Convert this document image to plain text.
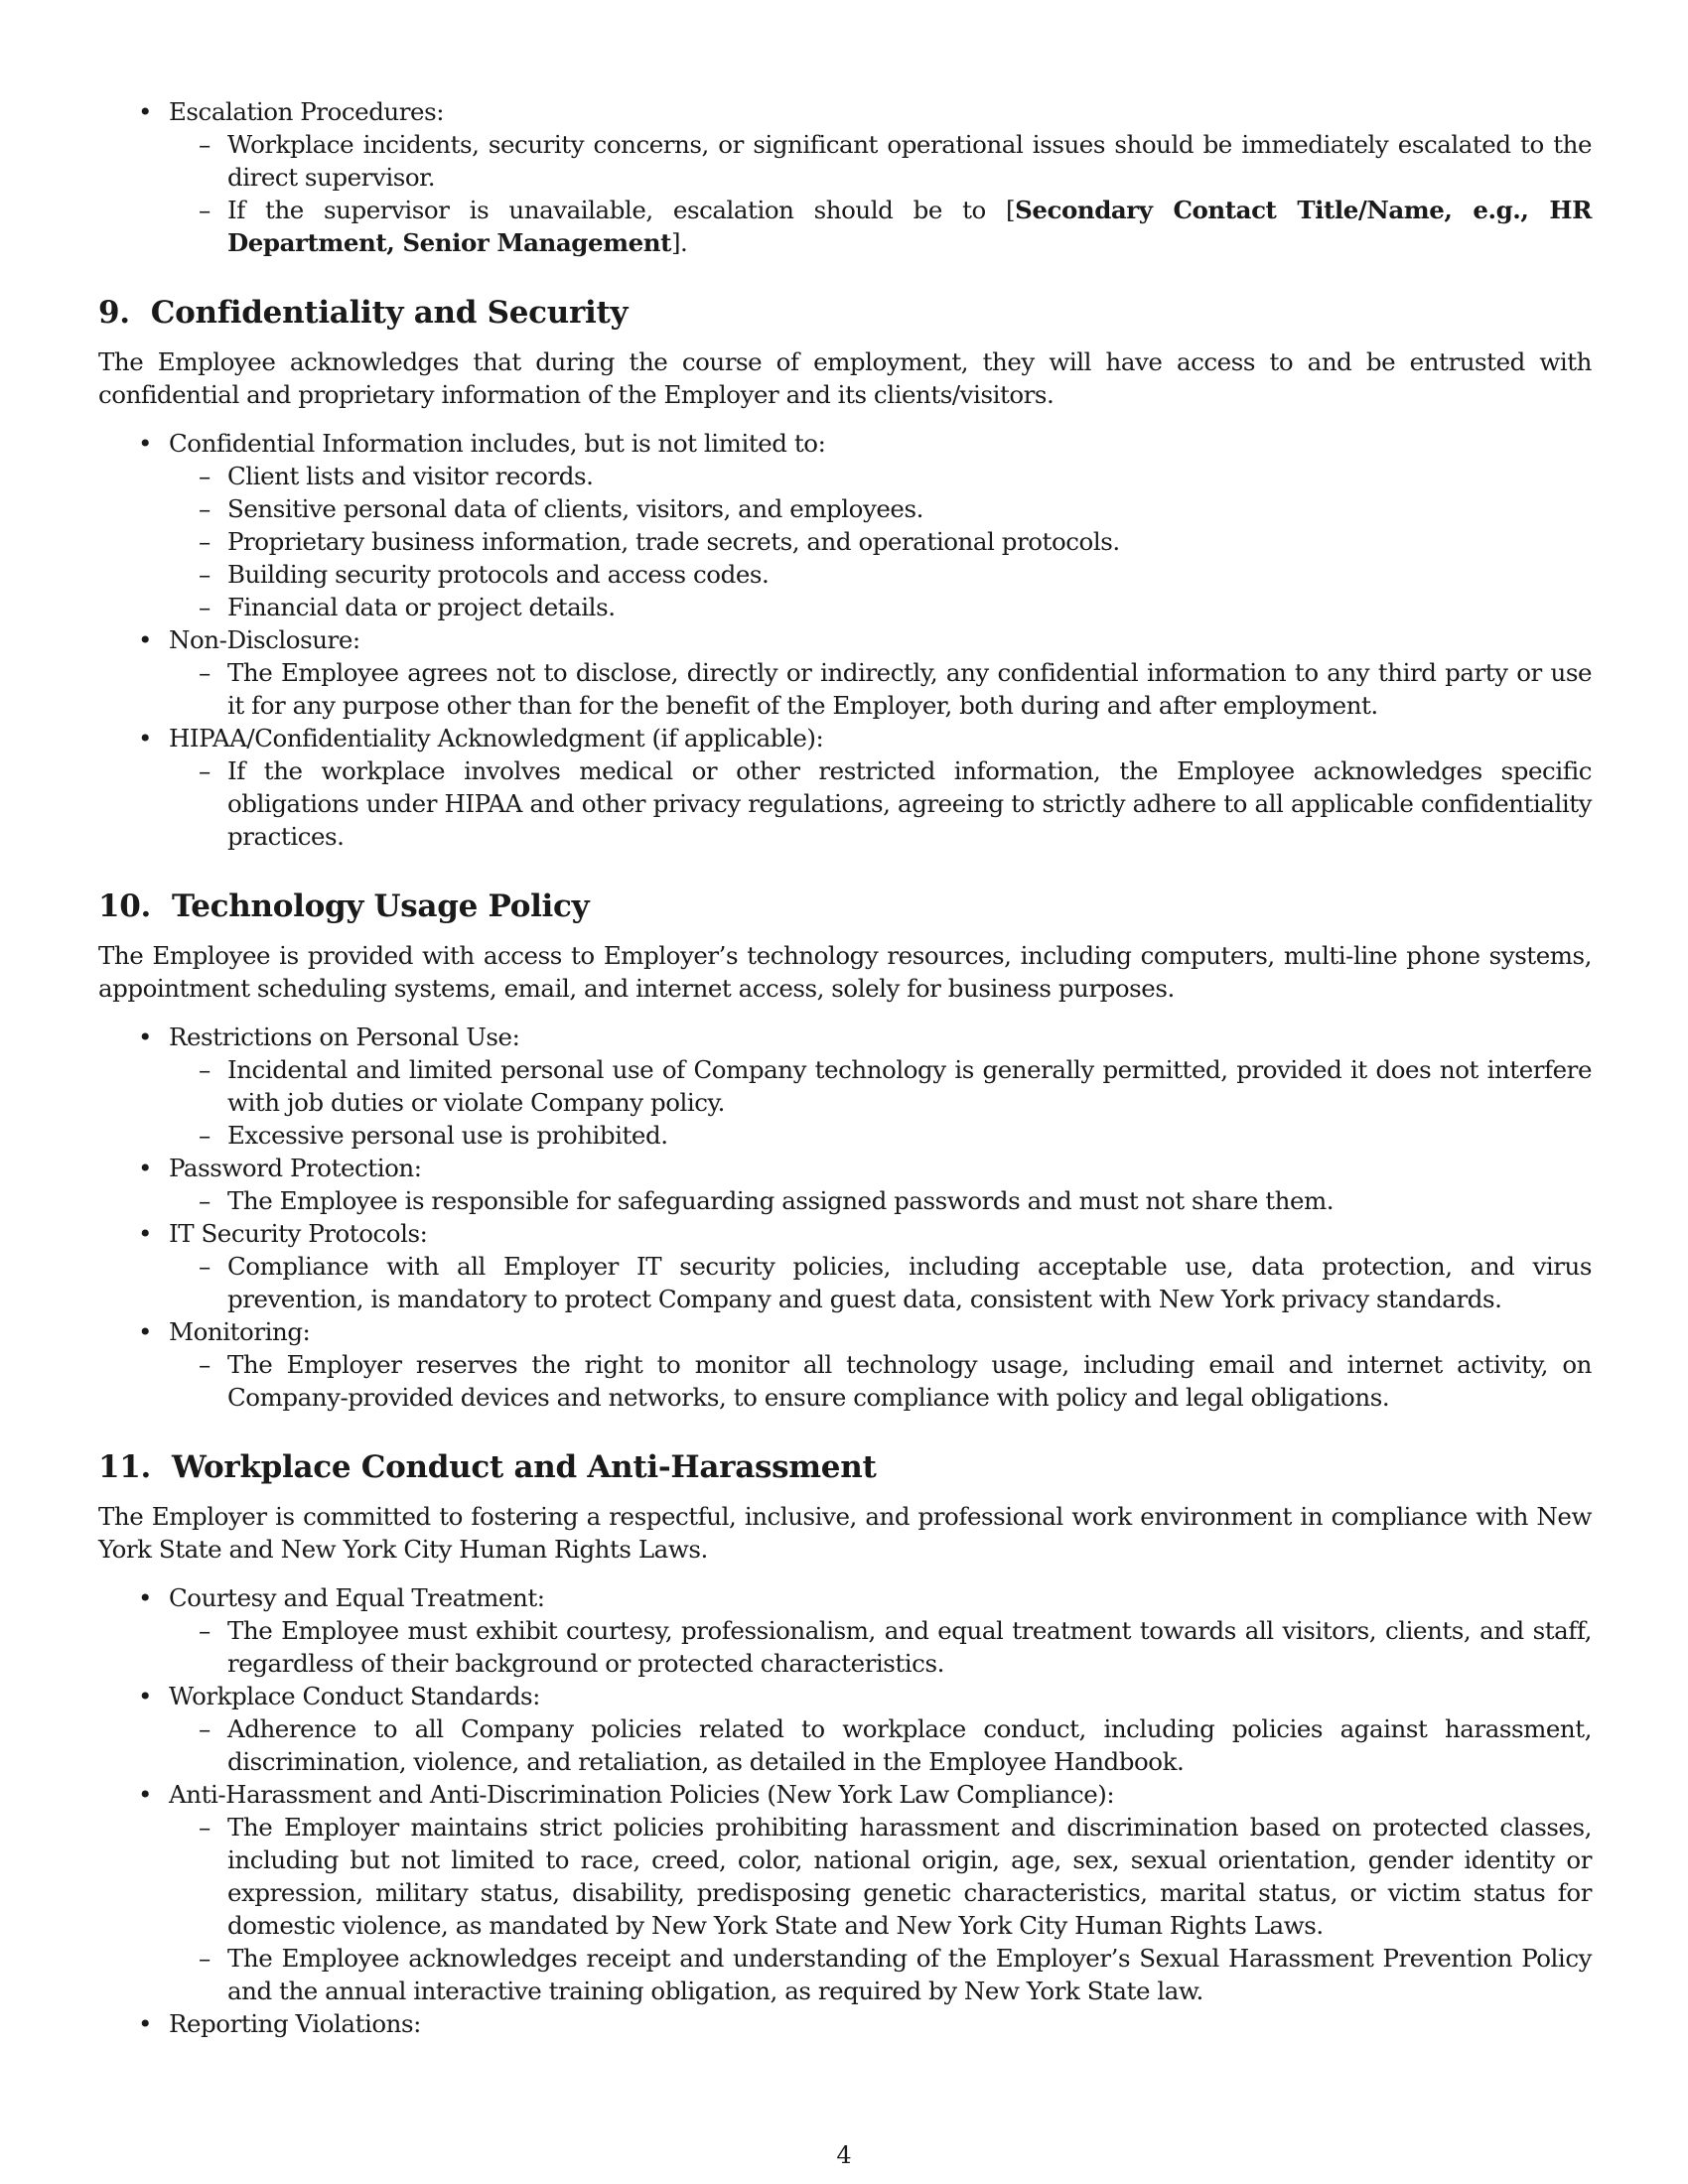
• Escalation Procedures:
– Workplace incidents, security concerns, or significant operational issues should be immediately escalated to the direct supervisor.
– If the supervisor is unavailable, escalation should be to [Secondary Contact Title/Name, e.g., HR Department, Senior Management].
9. Confidentiality and Security

The Employee acknowledges that during the course of employment, they will have access to and be entrusted with confidential and proprietary information of the Employer and its clients/visitors.

• Confidential Information includes, but is not limited to:
– Client lists and visitor records.
– Sensitive personal data of clients, visitors, and employees.
– Proprietary business information, trade secrets, and operational protocols.
– Building security protocols and access codes.
– Financial data or project details.
• Non-Disclosure:
– The Employee agrees not to disclose, directly or indirectly, any confidential information to any third party or use it for any purpose other than for the benefit of the Employer, both during and after employment.
• HIPAA/Confidentiality Acknowledgment (if applicable):
– If the workplace involves medical or other restricted information, the Employee acknowledges specific obligations under HIPAA and other privacy regulations, agreeing to strictly adhere to all applicable confidentiality practices.
10. Technology Usage Policy

The Employee is provided with access to Employer’s technology resources, including computers, multi-line phone systems, appointment scheduling systems, email, and internet access, solely for business purposes.

• Restrictions on Personal Use:
– Incidental and limited personal use of Company technology is generally permitted, provided it does not interfere with job duties or violate Company policy.
– Excessive personal use is prohibited.
• Password Protection:
– The Employee is responsible for safeguarding assigned passwords and must not share them.
• IT Security Protocols:
– Compliance with all Employer IT security policies, including acceptable use, data protection, and virus prevention, is mandatory to protect Company and guest data, consistent with New York privacy standards.
• Monitoring:
– The Employer reserves the right to monitor all technology usage, including email and internet activity, on Company-provided devices and networks, to ensure compliance with policy and legal obligations.
11. Workplace Conduct and Anti-Harassment

The Employer is committed to fostering a respectful, inclusive, and professional work environment in compliance with New York State and New York City Human Rights Laws.

• Courtesy and Equal Treatment:
– The Employee must exhibit courtesy, professionalism, and equal treatment towards all visitors, clients, and staff, regardless of their background or protected characteristics.
• Workplace Conduct Standards:
– Adherence to all Company policies related to workplace conduct, including policies against harassment, discrimination, violence, and retaliation, as detailed in the Employee Handbook.
• Anti-Harassment and Anti-Discrimination Policies (New York Law Compliance):
– The Employer maintains strict policies prohibiting harassment and discrimination based on protected classes, including but not limited to race, creed, color, national origin, age, sex, sexual orientation, gender identity or expression, military status, disability, predisposing genetic characteristics, marital status, or victim status for domestic violence, as mandated by New York State and New York City Human Rights Laws.
– The Employee acknowledges receipt and understanding of the Employer’s Sexual Harassment Prevention Policy and the annual interactive training obligation, as required by New York State law.
• Reporting Violations:
4
